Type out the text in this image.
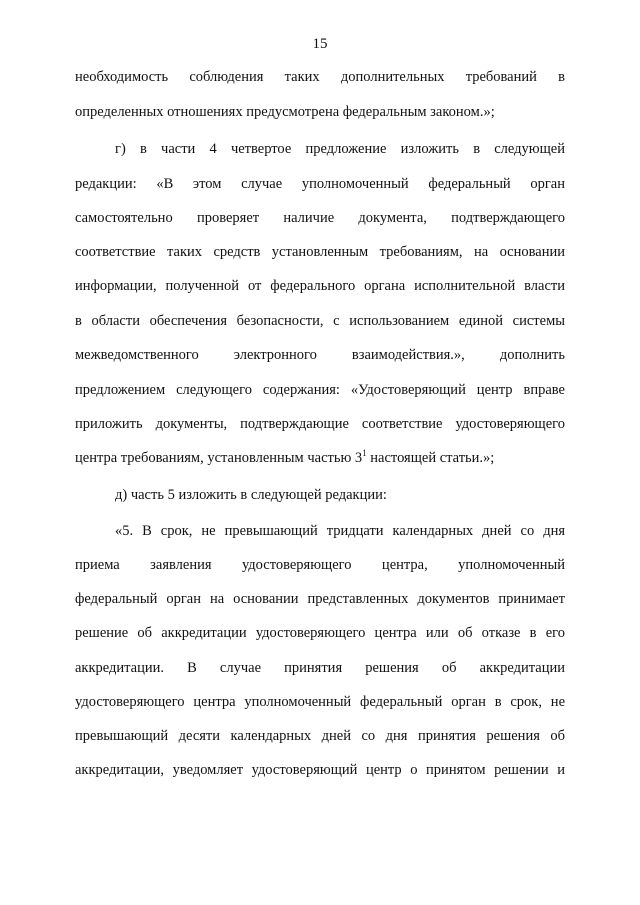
15
необходимость соблюдения таких дополнительных требований в
определенных отношениях предусмотрена федеральным законом.»;
г) в части 4 четвертое предложение изложить в следующей
редакции: «В этом случае уполномоченный федеральный орган
самостоятельно проверяет наличие документа, подтверждающего
соответствие таких средств установленным требованиям, на основании
информации, полученной от федерального органа исполнительной власти
в области обеспечения безопасности, с использованием единой системы
межведомственного электронного взаимодействия.», дополнить
предложением следующего содержания: «Удостоверяющий центр вправе
приложить документы, подтверждающие соответствие удостоверяющего
центра требованиям, установленным частью $3^1$ настоящей статьи.»;
д) часть 5 изложить в следующей редакции:
«5. В срок, не превышающий тридцати календарных дней со дня
приема заявления удостоверяющего центра, уполномоченный
федеральный орган на основании представленных документов принимает
решение об аккредитации удостоверяющего центра или об отказе в его
аккредитации. В случае принятия решения об аккредитации
удостоверяющего центра уполномоченный федеральный орган в срок, не
превышающий десяти календарных дней со дня принятия решения об
аккредитации, уведомляет удостоверяющий центр о принятом решении и
